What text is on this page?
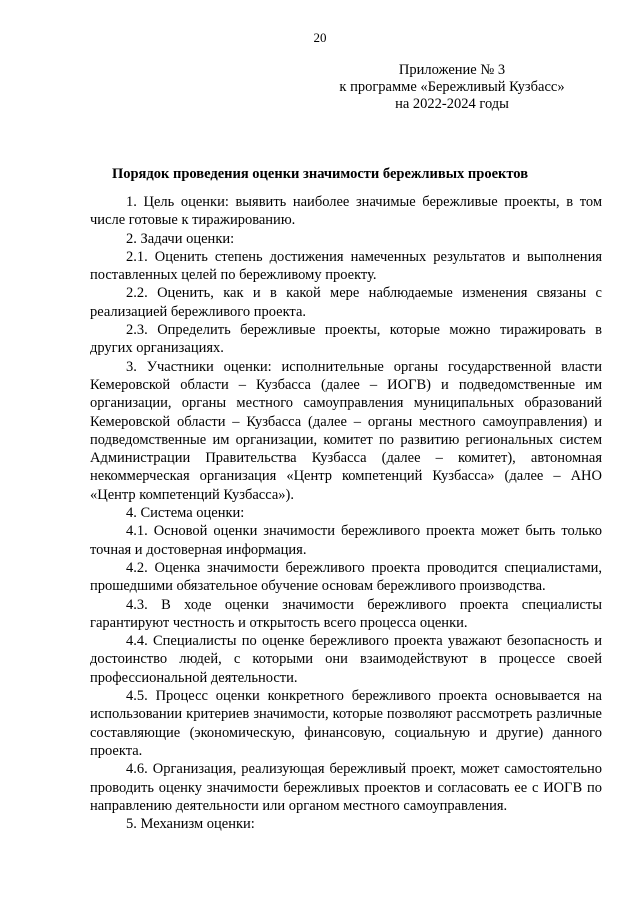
20
Приложение № 3
к программе «Бережливый Кузбасс»
на 2022-2024 годы
Порядок проведения оценки значимости бережливых проектов

1. Цель оценки: выявить наиболее значимые бережливые проекты, в том числе готовые к тиражированию.

2. Задачи оценки:

2.1. Оценить степень достижения намеченных результатов и выполнения поставленных целей по бережливому проекту.

2.2. Оценить, как и в какой мере наблюдаемые изменения связаны с реализацией бережливого проекта.

2.3. Определить бережливые проекты, которые можно тиражировать в других организациях.

3. Участники оценки: исполнительные органы государственной власти Кемеровской области – Кузбасса (далее – ИОГВ) и подведомственные им организации, органы местного самоуправления муниципальных образований Кемеровской области – Кузбасса (далее – органы местного самоуправления) и подведомственные им организации, комитет по развитию региональных систем Администрации Правительства Кузбасса (далее – комитет), автономная некоммерческая организация «Центр компетенций Кузбасса» (далее – АНО «Центр компетенций Кузбасса»).

4. Система оценки:

4.1. Основой оценки значимости бережливого проекта может быть только точная и достоверная информация.

4.2. Оценка значимости бережливого проекта проводится специалистами, прошедшими обязательное обучение основам бережливого производства.

4.3. В ходе оценки значимости бережливого проекта специалисты гарантируют честность и открытость всего процесса оценки.

4.4. Специалисты по оценке бережливого проекта уважают безопасность и достоинство людей, с которыми они взаимодействуют в процессе своей профессиональной деятельности.

4.5. Процесс оценки конкретного бережливого проекта основывается на использовании критериев значимости, которые позволяют рассмотреть различные составляющие (экономическую, финансовую, социальную и другие) данного проекта.

4.6. Организация, реализующая бережливый проект, может самостоятельно проводить оценку значимости бережливых проектов и согласовать ее с ИОГВ по направлению деятельности или органом местного самоуправления.

5. Механизм оценки:
